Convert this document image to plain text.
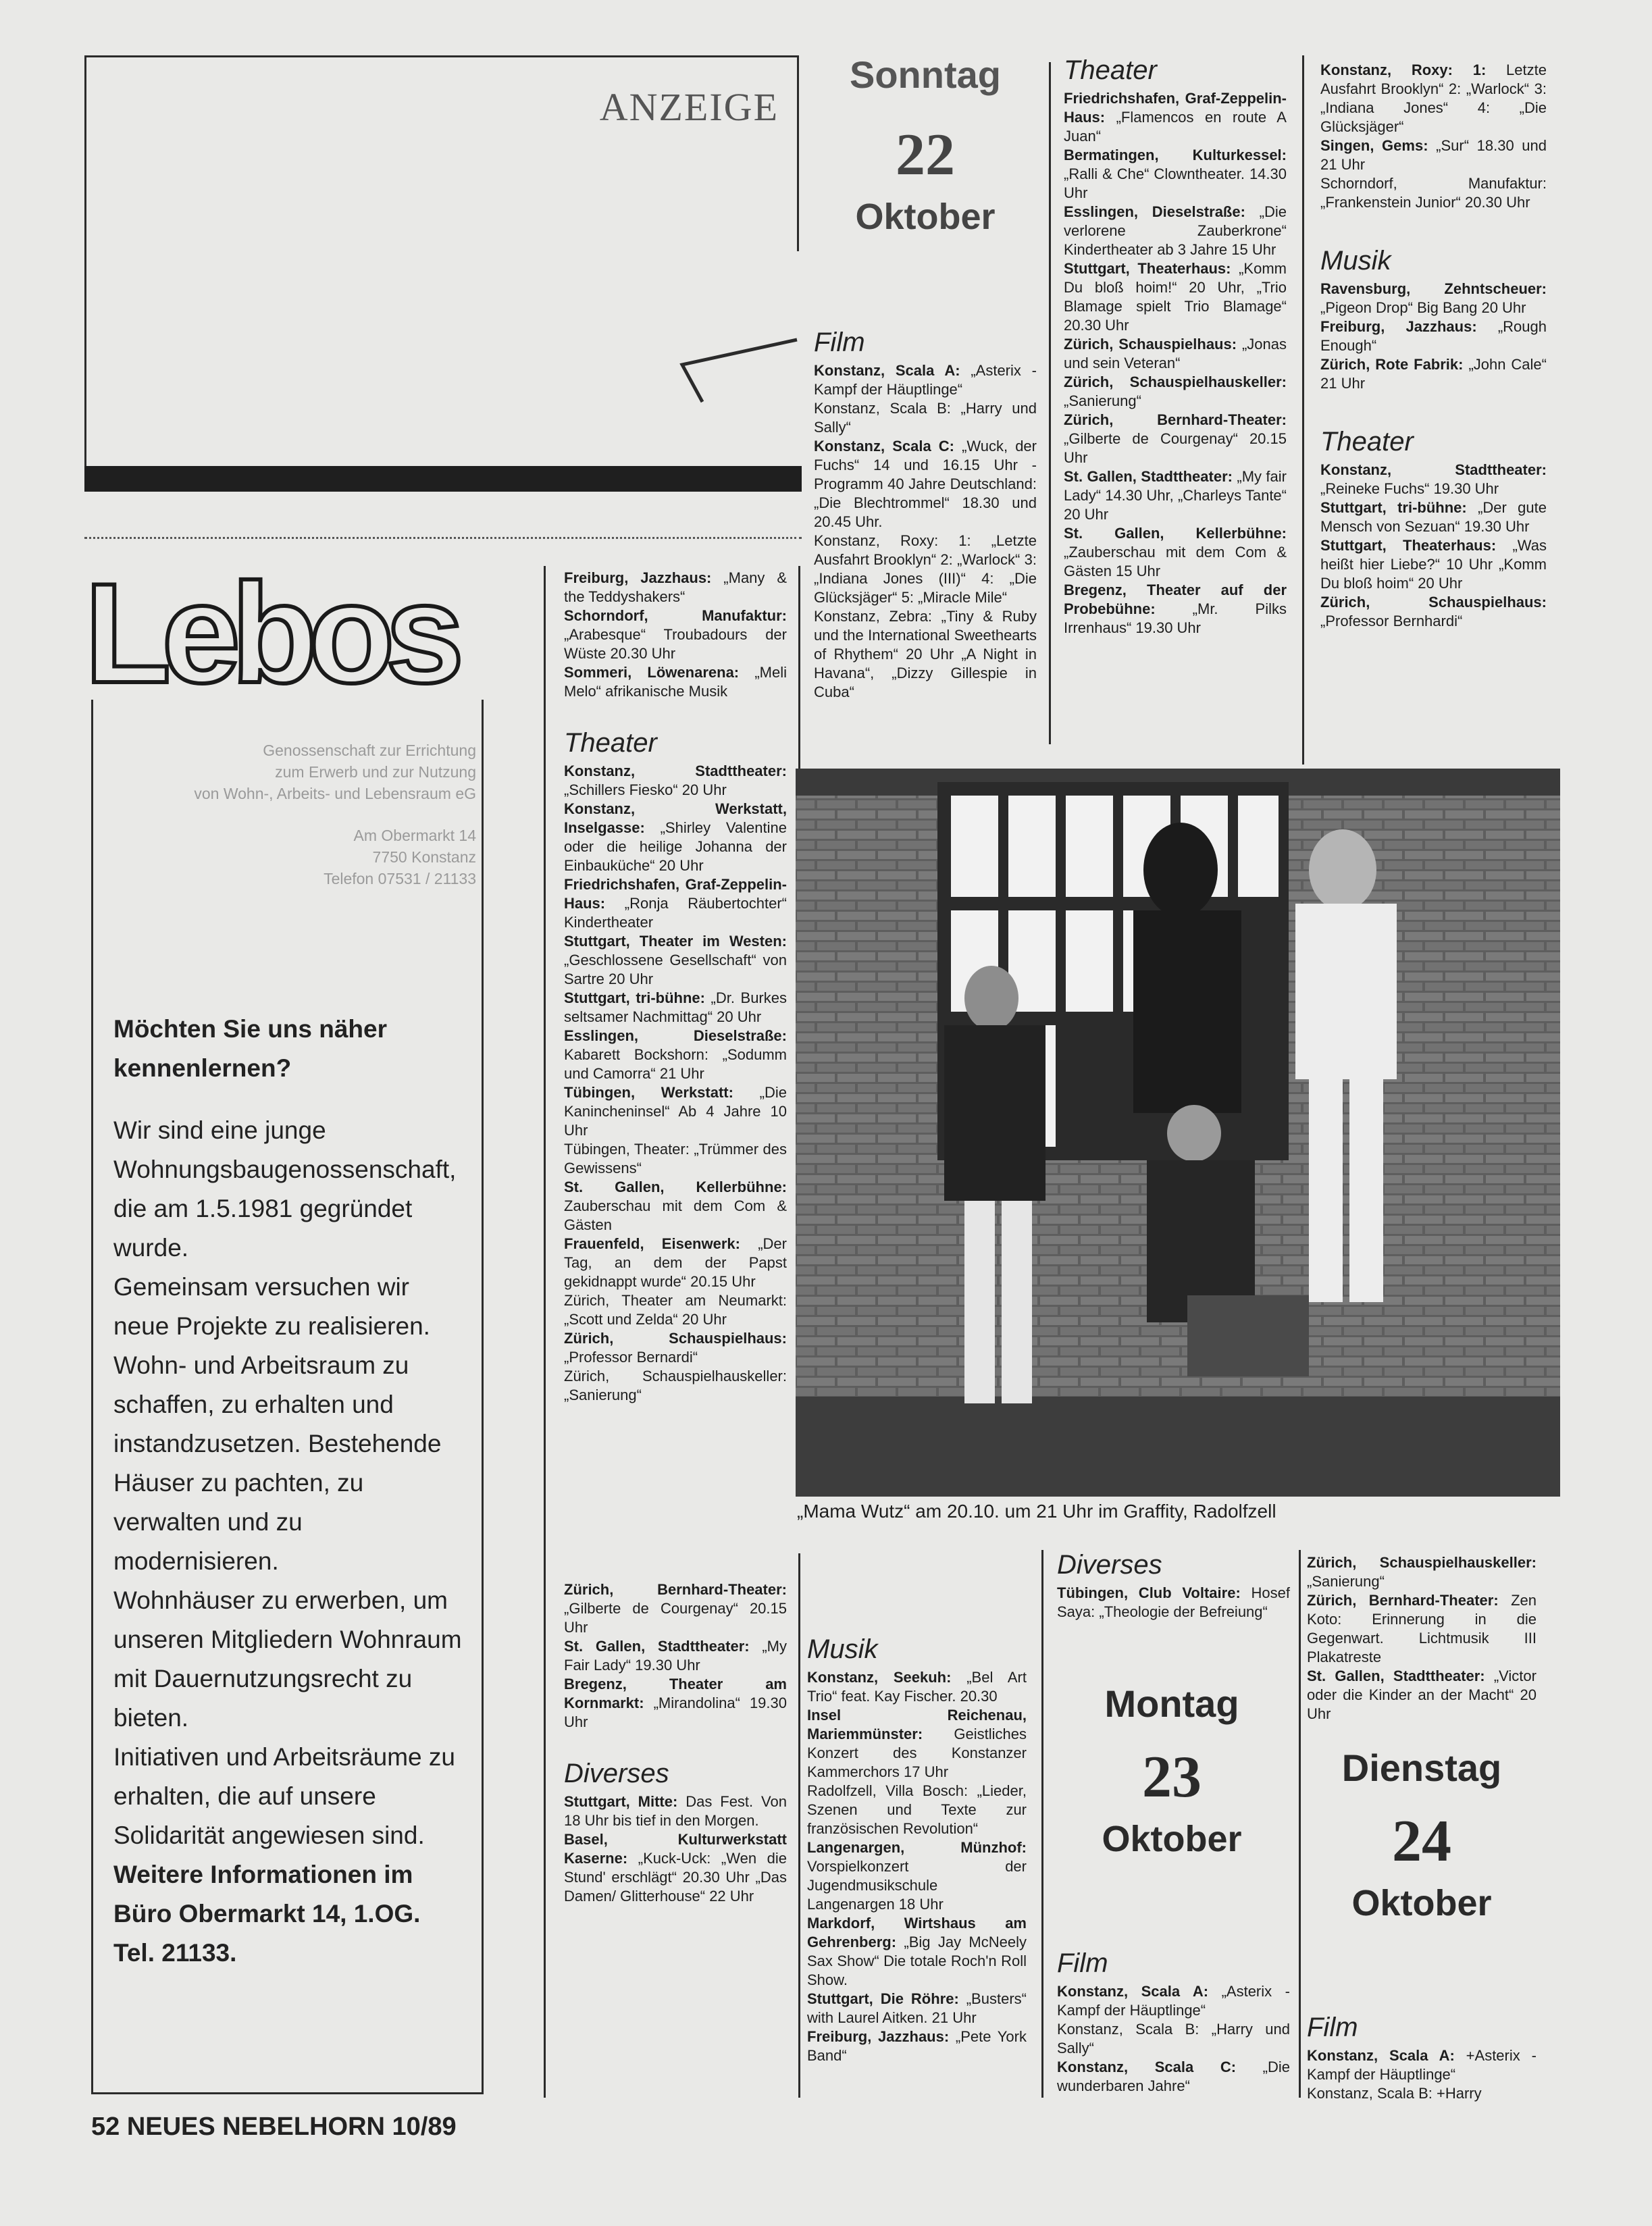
ANZEIGE
Sonntag
22
Oktober
Film

Konstanz, Scala A: „Asterix - Kampf der Häuptlinge“

Konstanz, Scala B: „Harry und Sally“

Konstanz, Scala C: „Wuck, der Fuchs“ 14 und 16.15 Uhr - Programm 40 Jahre Deutschland: „Die Blechtrommel“ 18.30 und 20.45 Uhr.

Konstanz, Roxy: 1: „Letzte Ausfahrt Brooklyn“ 2: „Warlock“ 3: „Indiana Jones (III)“ 4: „Die Glücksjäger“ 5: „Miracle Mile“

Konstanz, Zebra: „Tiny & Ruby und the International Sweethearts of Rhythem“ 20 Uhr „A Night in Havana“, „Dizzy Gillespie in Cuba“

Theater

Friedrichshafen, Graf-Zeppelin-Haus: „Flamencos en route A Juan“

Bermatingen, Kulturkessel: „Ralli & Che“ Clowntheater. 14.30 Uhr

Esslingen, Dieselstraße: „Die verlorene Zauberkrone“ Kindertheater ab 3 Jahre 15 Uhr

Stuttgart, Theaterhaus: „Komm Du bloß hoim!“ 20 Uhr, „Trio Blamage spielt Trio Blamage“ 20.30 Uhr

Zürich, Schauspielhaus: „Jonas und sein Veteran“

Zürich, Schauspielhauskeller: „Sanierung“

Zürich, Bernhard-Theater: „Gilberte de Courgenay“ 20.15 Uhr

St. Gallen, Stadttheater: „My fair Lady“ 14.30 Uhr, „Charleys Tante“ 20 Uhr

St. Gallen, Kellerbühne: „Zauberschau mit dem Com & Gästen 15 Uhr

Bregenz, Theater auf der Probebühne:	„Mr. Pilks Irrenhaus“ 19.30 Uhr

Konstanz, Roxy: 1: Letzte Ausfahrt Brooklyn“ 2: „Warlock“ 3: „Indiana Jones“ 4: „Die Glücksjäger“

Singen, Gems: „Sur“ 18.30 und 21 Uhr

Schorndorf, Manufaktur: „Frankenstein Junior“ 20.30 Uhr

Musik

Ravensburg, Zehntscheuer: „Pigeon Drop“ Big Bang 20 Uhr

Freiburg, Jazzhaus: „Rough Enough“

Zürich, Rote Fabrik: „John Cale“ 21 Uhr

Theater

Konstanz, Stadttheater: „Reineke Fuchs“ 19.30 Uhr

Stuttgart, tri-bühne: „Der gute Mensch von Sezuan“ 19.30 Uhr

Stuttgart, Theaterhaus: „Was heißt hier Liebe?“ 10 Uhr „Komm Du bloß hoim“ 20 Uhr

Zürich, Schauspielhaus: „Professor Bernhardi“

Lebos
Genossenschaft zur Errichtung
zum Erwerb und zur Nutzung
von Wohn-, Arbeits- und Lebensraum eG
Am Obermarkt 14
7750 Konstanz
Telefon 07531 / 21133

Möchten Sie uns näher kennenlernen?

Wir sind eine junge Wohnungsbaugenossenschaft, die am 1.5.1981 gegründet wurde.

Gemeinsam versuchen wir neue Projekte zu realisieren. Wohn- und Arbeitsraum zu schaffen, zu erhalten und instandzusetzen. Bestehende Häuser zu pachten, zu verwalten und zu modernisieren.

Wohnhäuser zu erwerben, um unseren Mitgliedern Wohnraum mit Dauernutzungsrecht zu bieten.

Initiativen und Arbeitsräume zu erhalten, die auf unsere Solidarität angewiesen sind.

Weitere Informationen im Büro Obermarkt 14, 1.OG. Tel. 21133.

Freiburg, Jazzhaus: „Many & the Teddyshakers“

Schorndorf, Manufaktur: „Arabesque“ Troubadours der Wüste 20.30 Uhr

Sommeri, Löwenarena: „Meli Melo“ afrikanische Musik

Theater

Konstanz, Stadttheater: „Schillers Fiesko“ 20 Uhr

Konstanz, Werkstatt, Inselgasse: „Shirley Valentine oder die heilige Johanna der Einbauküche“ 20 Uhr

Friedrichshafen, Graf-Zeppelin-Haus: „Ronja Räubertochter“ Kindertheater

Stuttgart, Theater im Westen: „Geschlossene Gesellschaft“ von Sartre 20 Uhr

Stuttgart, tri-bühne: „Dr. Burkes seltsamer Nachmittag“ 20 Uhr

Esslingen, Dieselstraße: Kabarett Bockshorn: „Sodumm und Camorra“ 21 Uhr

Tübingen, Werkstatt: „Die Kanincheninsel“ Ab 4 Jahre 10 Uhr

Tübingen, Theater: „Trümmer des Gewissens“

St. Gallen, Kellerbühne: Zauberschau mit dem Com & Gästen

Frauenfeld, Eisenwerk: „Der Tag, an dem der Papst gekidnappt wurde“ 20.15 Uhr

Zürich, Theater am Neumarkt: „Scott und Zelda“ 20 Uhr

Zürich, Schauspielhaus: „Professor Bernardi“

Zürich, Schauspielhauskeller: „Sanierung“

Zürich, Bernhard-Theater: „Gilberte de Courgenay“ 20.15 Uhr

St. Gallen, Stadttheater: „My Fair Lady“ 19.30 Uhr

Bregenz, Theater am Kornmarkt: „Mirandolina“ 19.30 Uhr

Diverses

Stuttgart, Mitte: Das Fest. Von 18 Uhr bis tief in den Morgen.

Basel, Kulturwerkstatt Kaserne: „Kuck-Uck: „Wen die Stund' erschlägt“ 20.30 Uhr „Das Damen/ Glitterhouse“ 22 Uhr

„Mama Wutz“ am 20.10. um 21 Uhr im Graffity, Radolfzell
Musik

Konstanz, Seekuh: „Bel Art Trio“ feat. Kay Fischer. 20.30

Insel Reichenau, Mariemmünster: Geistliches Konzert des Konstanzer Kammerchors 17 Uhr

Radolfzell, Villa Bosch: „Lieder, Szenen und Texte zur französischen Revolution“

Langenargen, Münzhof: Vorspielkonzert der Jugendmusikschule Langenargen 18 Uhr

Markdorf, Wirtshaus am Gehrenberg: „Big Jay McNeely Sax Show“ Die totale Roch'n Roll Show.

Stuttgart, Die Röhre: „Busters“ with Laurel Aitken. 21 Uhr

Freiburg, Jazzhaus: „Pete York Band“

Diverses

Tübingen, Club Voltaire: Hosef Saya: „Theologie der Befreiung“

Montag
23
Oktober
Film

Konstanz, Scala A: „Asterix - Kampf der Häuptlinge“

Konstanz, Scala B: „Harry und Sally“

Konstanz, Scala C: „Die wunderbaren Jahre“

Zürich, Schauspielhauskeller: „Sanierung“

Zürich, Bernhard-Theater: Zen Koto: Erinnerung in die Gegenwart. Lichtmusik III Plakatreste

St. Gallen, Stadttheater: „Victor oder die Kinder an der Macht“ 20 Uhr

Dienstag
24
Oktober
Film

Konstanz, Scala A: +Asterix - Kampf der Häuptlinge“

Konstanz, Scala B: +Harry

52 NEUES NEBELHORN 10/89
